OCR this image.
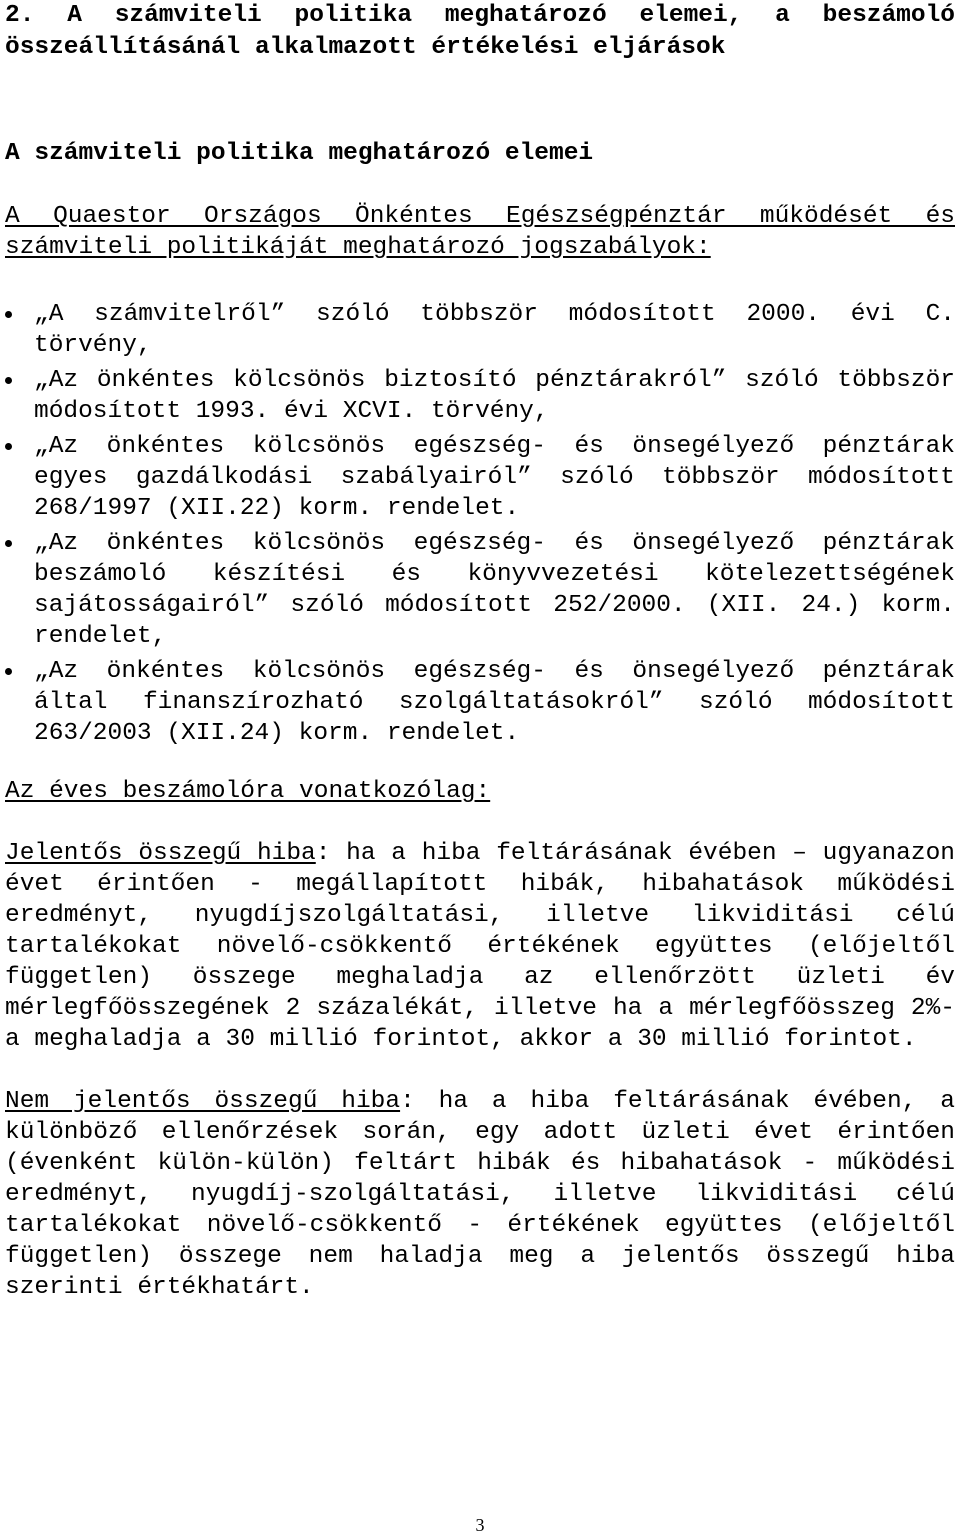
2. A számviteli politika meghatározó elemei, a beszámoló összeállításánál alkalmazott értékelési eljárások
A számviteli politika meghatározó elemei

A Quaestor Országos Önkéntes Egészségpénztár működését és számviteli politikáját meghatározó jogszabályok:

„A számvitelről” szóló többször módosított 2000. évi C. törvény,
„Az önkéntes kölcsönös biztosító pénztárakról” szóló többször módosított 1993. évi XCVI. törvény,
„Az önkéntes kölcsönös egészség- és önsegélyező pénztárak egyes gazdálkodási szabályairól” szóló többször módosított 268/1997 (XII.22) korm. rendelet.
„Az önkéntes kölcsönös egészség- és önsegélyező pénztárak beszámoló készítési és könyvvezetési kötelezettségének sajátosságairól” szóló módosított 252/2000. (XII. 24.) korm. rendelet,
„Az önkéntes kölcsönös egészség- és önsegélyező pénztárak által finanszírozható szolgáltatásokról” szóló módosított 263/2003 (XII.24) korm. rendelet.

Az éves beszámolóra vonatkozólag:

Jelentős összegű hiba: ha a hiba feltárásának évében – ugyanazon évet érintően - megállapított hibák, hibahatások működési eredményt, nyugdíjszolgáltatási, illetve likviditási célú tartalékokat növelő-csökkentő értékének együttes (előjeltől független) összege meghaladja az ellenőrzött üzleti év mérlegfőösszegének 2 százalékát, illetve ha a mérlegfőösszeg 2%-a meghaladja a 30 millió forintot, akkor a 30 millió forintot.

Nem jelentős összegű hiba: ha a hiba feltárásának évében, a különböző ellenőrzések során, egy adott üzleti évet érintően (évenként külön-külön) feltárt hibák és hibahatások - működési eredményt, nyugdíj-szolgáltatási, illetve likviditási célú tartalékokat növelő-csökkentő - értékének együttes (előjeltől független) összege nem haladja meg a jelentős összegű hiba szerinti értékhatárt.

3
